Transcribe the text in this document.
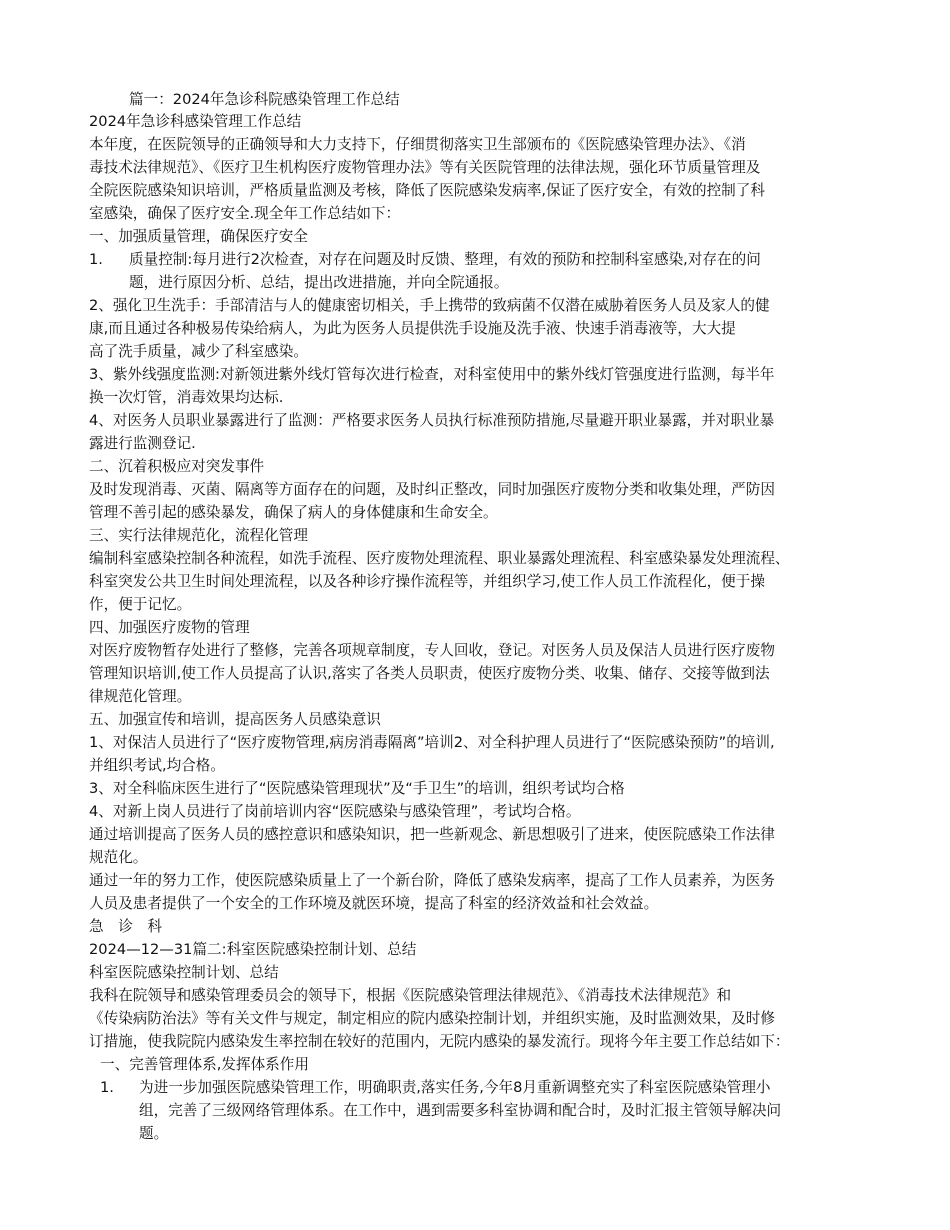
篇一：2024年急诊科院感染管理工作总结
2024年急诊科感染管理工作总结
本年度，在医院领导的正确领导和大力支持下，仔细贯彻落实卫生部颁布的《医院感染管理办法》、《消
毒技术法律规范》、《医疗卫生机构医疗废物管理办法》等有关医院管理的法律法规，强化环节质量管理及
全院医院感染知识培训，严格质量监测及考核，降低了医院感染发病率,保证了医疗安全，有效的控制了科
室感染，确保了医疗安全.现全年工作总结如下：
一、加强质量管理，确保医疗安全
1. 质量控制:每月进行2次检查，对存在问题及时反馈、整理，有效的预防和控制科室感染,对存在的问
题，进行原因分析、总结，提出改进措施，并向全院通报。
2、强化卫生洗手：手部清洁与人的健康密切相关，手上携带的致病菌不仅潜在威胁着医务人员及家人的健
康,而且通过各种极易传染给病人，为此为医务人员提供洗手设施及洗手液、快速手消毒液等，大大提
高了洗手质量，减少了科室感染。
3、紫外线强度监测:对新领进紫外线灯管每次进行检查，对科室使用中的紫外线灯管强度进行监测，每半年
换一次灯管，消毒效果均达标.
4、对医务人员职业暴露进行了监测：严格要求医务人员执行标准预防措施,尽量避开职业暴露，并对职业暴
露进行监测登记.
二、沉着积极应对突发事件
及时发现消毒、灭菌、隔离等方面存在的问题，及时纠正整改，同时加强医疗废物分类和收集处理，严防因
管理不善引起的感染暴发，确保了病人的身体健康和生命安全。
三、实行法律规范化，流程化管理
编制科室感染控制各种流程，如洗手流程、医疗废物处理流程、职业暴露处理流程、科室感染暴发处理流程、
科室突发公共卫生时间处理流程，以及各种诊疗操作流程等，并组织学习,使工作人员工作流程化，便于操
作，便于记忆。
四、加强医疗废物的管理
对医疗废物暂存处进行了整修，完善各项规章制度，专人回收，登记。对医务人员及保洁人员进行医疗废物
管理知识培训,使工作人员提高了认识,落实了各类人员职责，使医疗废物分类、收集、储存、交接等做到法
律规范化管理。
五、加强宣传和培训，提高医务人员感染意识
1、对保洁人员进行了“医疗废物管理,病房消毒隔离”培训2、对全科护理人员进行了“医院感染预防”的培训,
并组织考试,均合格。
3、对全科临床医生进行了“医院感染管理现状”及“手卫生”的培训，组织考试均合格
4、对新上岗人员进行了岗前培训内容“医院感染与感染管理”，考试均合格。
通过培训提高了医务人员的感控意识和感染知识，把一些新观念、新思想吸引了进来，使医院感染工作法律
规范化。
通过一年的努力工作，使医院感染质量上了一个新台阶，降低了感染发病率，提高了工作人员素养，为医务
人员及患者提供了一个安全的工作环境及就医环境，提高了科室的经济效益和社会效益。
急　诊　科
2024—12—31篇二:科室医院感染控制计划、总结
科室医院感染控制计划、总结
我科在院领导和感染管理委员会的领导下，根据《医院感染管理法律规范》、《消毒技术法律规范》和
《传染病防治法》等有关文件与规定，制定相应的院内感染控制计划，并组织实施，及时监测效果，及时修
订措施，使我院院内感染发生率控制在较好的范围内，无院内感染的暴发流行。现将今年主要工作总结如下：
一、完善管理体系,发挥体系作用
1. 为进一步加强医院感染管理工作，明确职责,落实任务,今年8月重新调整充实了科室医院感染管理小
组，完善了三级网络管理体系。在工作中，遇到需要多科室协调和配合时，及时汇报主管领导解决问
题。
